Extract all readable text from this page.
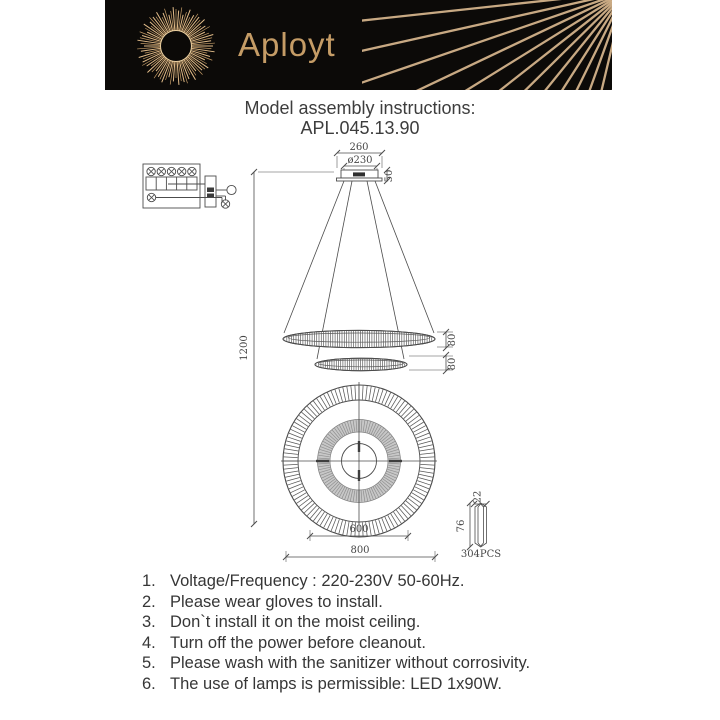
Aployt
Model assembly instructions:
APL.045.13.90
260
ø230
50
1200	80
80
600
800
22
76
304PCS
1. Voltage/Frequency : 220-230V 50-60Hz.
2. Please wear gloves to install.
3. Don`t install it on the moist ceiling.
4. Turn off the power before cleanout.
5. Please wash with the sanitizer without corrosivity.
6. The use of lamps is permissible: LED 1x90W.
